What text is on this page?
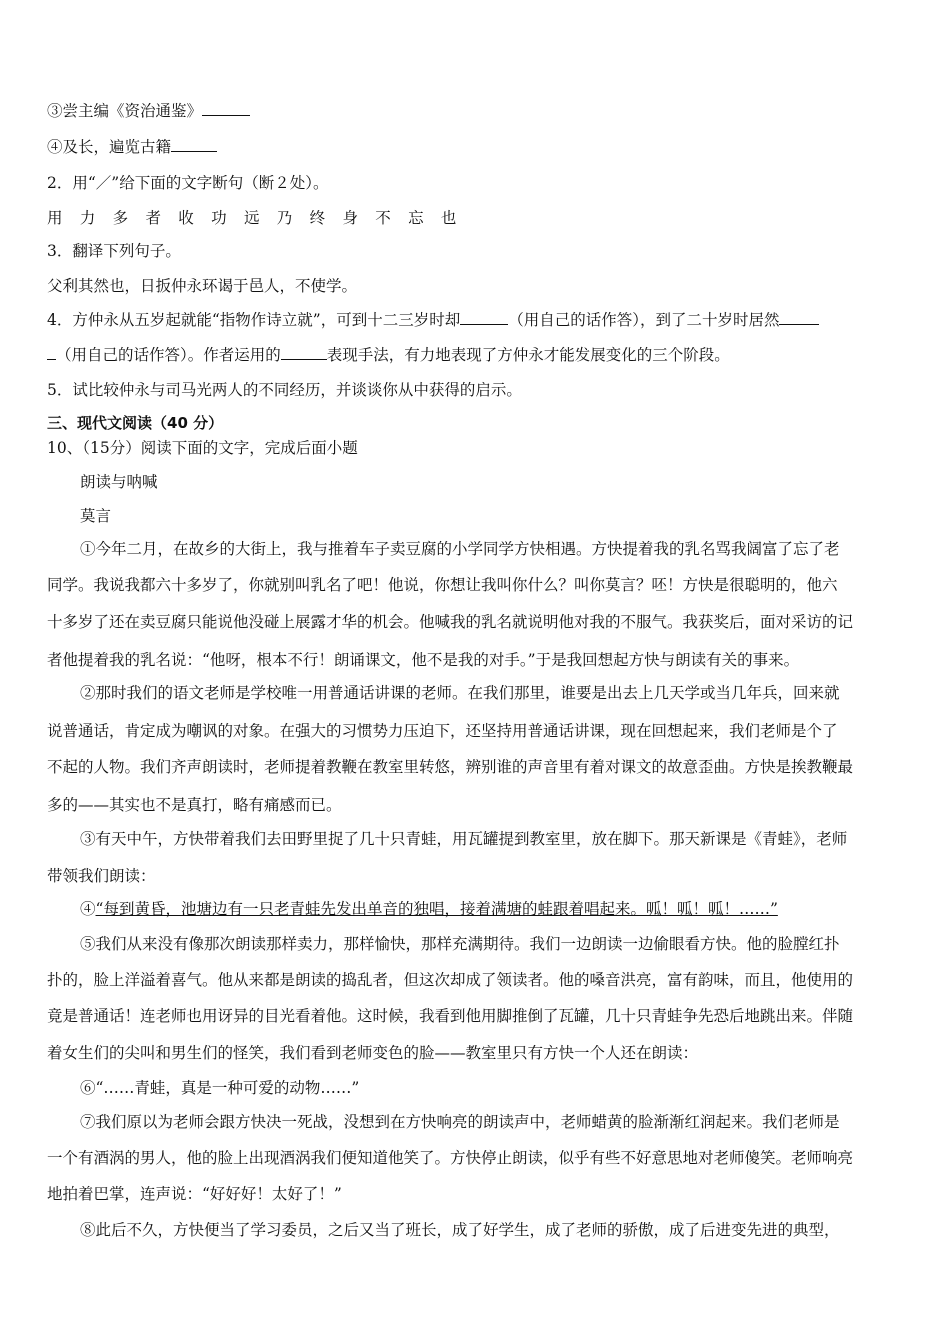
③尝主编《资治通鉴》
④及长，遍览古籍
2．用“／”给下面的文字断句（断２处）。
用 力 多 者 收 功 远 乃 终 身 不 忘 也
3．翻译下列句子。
父利其然也，日扳仲永环谒于邑人，不使学。
4．方仲永从五岁起就能“指物作诗立就”，可到十二三岁时却	（用自己的话作答），到了二十岁时居然
（用自己的话作答）。作者运用的	表现手法，有力地表现了方仲永才能发展变化的三个阶段。
5．试比较仲永与司马光两人的不同经历，并谈谈你从中获得的启示。
三、现代文阅读（40 分）
10、（15分）阅读下面的文字，完成后面小题
朗读与呐喊
莫言
①今年二月，在故乡的大街上，我与推着车子卖豆腐的小学同学方快相遇。方快提着我的乳名骂我阔富了忘了老
同学。我说我都六十多岁了，你就别叫乳名了吧！他说，你想让我叫你什么？叫你莫言？呸！方快是很聪明的，他六
十多岁了还在卖豆腐只能说他没碰上展露才华的机会。他喊我的乳名就说明他对我的不服气。我获奖后，面对采访的记
者他提着我的乳名说：“他呀，根本不行！朗诵课文，他不是我的对手。”于是我回想起方快与朗读有关的事来。
②那时我们的语文老师是学校唯一用普通话讲课的老师。在我们那里，谁要是出去上几天学或当几年兵，回来就
说普通话，肯定成为嘲讽的对象。在强大的习惯势力压迫下，还坚持用普通话讲课，现在回想起来，我们老师是个了
不起的人物。我们齐声朗读时，老师提着教鞭在教室里转悠，辨别谁的声音里有着对课文的故意歪曲。方快是挨教鞭最
多的——其实也不是真打，略有痛感而已。
③有天中午，方快带着我们去田野里捉了几十只青蛙，用瓦罐提到教室里，放在脚下。那天新课是《青蛙》，老师
带领我们朗读：
④“每到黄昏，池塘边有一只老青蛙先发出单音的独唱，接着满塘的蛙跟着唱起来。呱！呱！呱！……”
⑤我们从来没有像那次朗读那样卖力，那样愉快，那样充满期待。我们一边朗读一边偷眼看方快。他的脸膛红扑
扑的，脸上洋溢着喜气。他从来都是朗读的捣乱者，但这次却成了领读者。他的嗓音洪亮，富有韵味，而且，他使用的
竟是普通话！连老师也用讶异的目光看着他。这时候，我看到他用脚推倒了瓦罐，几十只青蛙争先恐后地跳出来。伴随
着女生们的尖叫和男生们的怪笑，我们看到老师变色的脸——教室里只有方快一个人还在朗读：
⑥“……青蛙，真是一种可爱的动物……”
⑦我们原以为老师会跟方快决一死战，没想到在方快响亮的朗读声中，老师蜡黄的脸渐渐红润起来。我们老师是
一个有酒涡的男人，他的脸上出现酒涡我们便知道他笑了。方快停止朗读，似乎有些不好意思地对老师傻笑。老师响亮
地拍着巴掌，连声说：“好好好！太好了！”
⑧此后不久，方快便当了学习委员，之后又当了班长，成了好学生，成了老师的骄傲，成了后进变先进的典型，
